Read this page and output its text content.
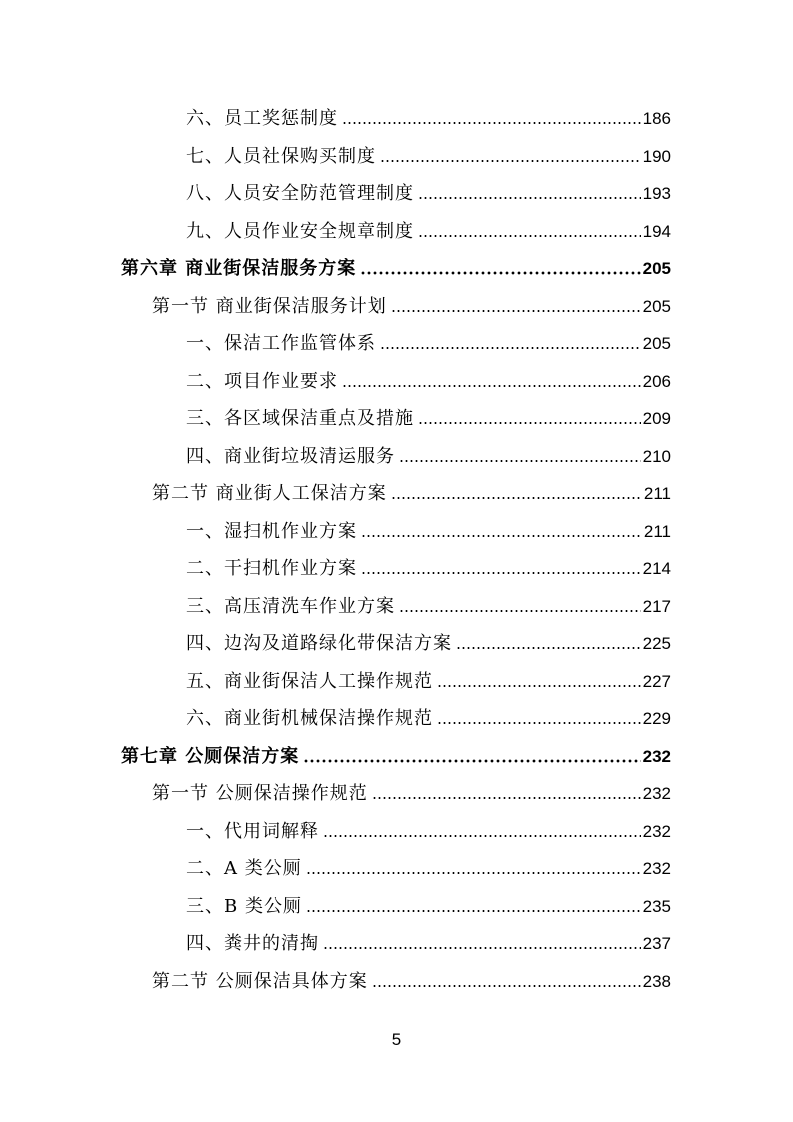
六、员工奖惩制度	186
七、人员社保购买制度	190
八、人员安全防范管理制度	193
九、人员作业安全规章制度	194
第六章 商业街保洁服务方案	205
第一节 商业街保洁服务计划	205
一、保洁工作监管体系	205
二、项目作业要求	206
三、各区域保洁重点及措施	209
四、商业街垃圾清运服务	210
第二节 商业街人工保洁方案	211
一、湿扫机作业方案	211
二、干扫机作业方案	214
三、高压清洗车作业方案	217
四、边沟及道路绿化带保洁方案	225
五、商业街保洁人工操作规范	227
六、商业街机械保洁操作规范	229
第七章 公厕保洁方案	232
第一节 公厕保洁操作规范	232
一、代用词解释	232
二、A 类公厕	232
三、B 类公厕	235
四、粪井的清掏	237
第二节 公厕保洁具体方案	238
5
